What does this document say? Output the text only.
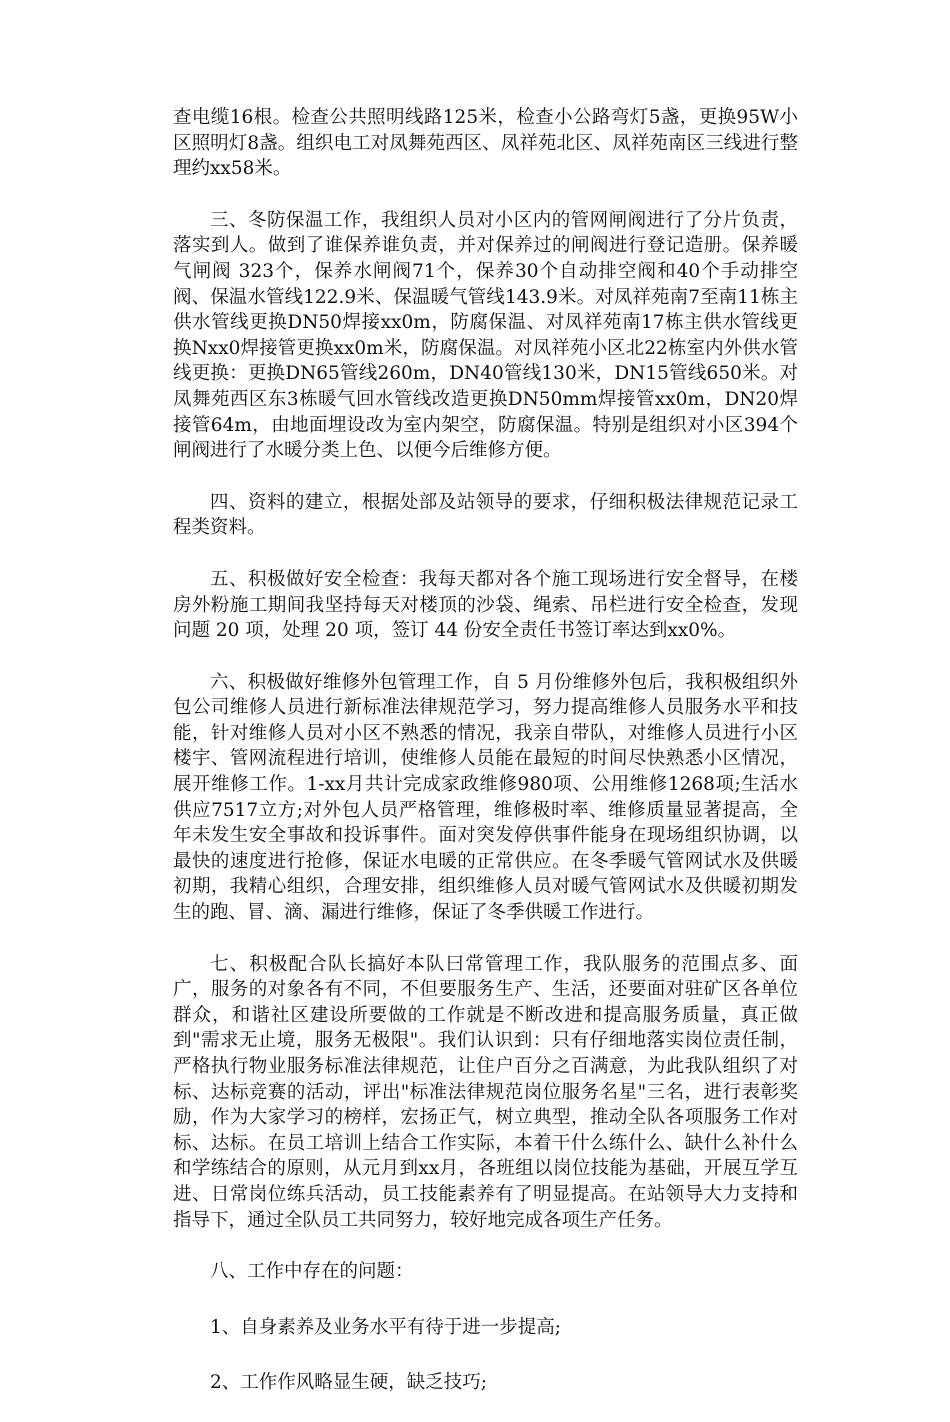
查电缆16根。检查公共照明线路125米，检查小公路弯灯5盏，更换95W小区照明灯8盏。组织电工对凤舞苑西区、凤祥苑北区、凤祥苑南区三线进行整理约xx58米。

三、冬防保温工作，我组织人员对小区内的管网闸阀进行了分片负责，落实到人。做到了谁保养谁负责，并对保养过的闸阀进行登记造册。保养暖气闸阀 323个，保养水闸阀71个，保养30个自动排空阀和40个手动排空阀、保温水管线122.9米、保温暖气管线143.9米。对凤祥苑南7至南11栋主供水管线更换DN50焊接xx0m，防腐保温、对凤祥苑南17栋主供水管线更换Nxx0焊接管更换xx0m米，防腐保温。对凤祥苑小区北22栋室内外供水管线更换：更换DN65管线260m，DN40管线130米，DN15管线650米。对凤舞苑西区东3栋暖气回水管线改造更换DN50mm焊接管xx0m，DN20焊接管64m，由地面埋设改为室内架空，防腐保温。特别是组织对小区394个闸阀进行了水暖分类上色、以便今后维修方便。

四、资料的建立，根据处部及站领导的要求，仔细积极法律规范记录工程类资料。

五、积极做好安全检查：我每天都对各个施工现场进行安全督导，在楼房外粉施工期间我坚持每天对楼顶的沙袋、绳索、吊栏进行安全检查，发现问题 20 项，处理 20 项，签订 44 份安全责任书签订率达到xx0%。

六、积极做好维修外包管理工作，自 5 月份维修外包后，我积极组织外包公司维修人员进行新标准法律规范学习，努力提高维修人员服务水平和技能，针对维修人员对小区不熟悉的情况，我亲自带队，对维修人员进行小区楼宇、管网流程进行培训，使维修人员能在最短的时间尽快熟悉小区情况，展开维修工作。1-xx月共计完成家政维修980项、公用维修1268项;生活水供应7517立方;对外包人员严格管理，维修极时率、维修质量显著提高，全年未发生安全事故和投诉事件。面对突发停供事件能身在现场组织协调，以最快的速度进行抢修，保证水电暖的正常供应。在冬季暖气管网试水及供暖初期，我精心组织，合理安排，组织维修人员对暖气管网试水及供暖初期发生的跑、冒、滴、漏进行维修，保证了冬季供暖工作进行。

七、积极配合队长搞好本队曰常管理工作，我队服务的范围点多、面广，服务的对象各有不同，不但要服务生产、生活，还要面对驻矿区各单位群众，和谐社区建设所要做的工作就是不断改进和提高服务质量，真正做到"需求无止境，服务无极限"。我们认识到：只有仔细地落实岗位责任制，严格执行物业服务标准法律规范，让住户百分之百满意，为此我队组织了对标、达标竞赛的活动，评出"标准法律规范岗位服务名星"三名，进行表彰奖励，作为大家学习的榜样，宏扬正气，树立典型，推动全队各项服务工作对标、达标。在员工培训上结合工作实际，本着干什么练什么、缺什么补什么和学练结合的原则，从元月到xx月，各班组以岗位技能为基础，开展互学互进、日常岗位练兵活动，员工技能素养有了明显提高。在站领导大力支持和指导下，通过全队员工共同努力，较好地完成各项生产任务。

八、工作中存在的问题：

1、自身素养及业务水平有待于进一步提高;

2、工作作风略显生硬，缺乏技巧;
